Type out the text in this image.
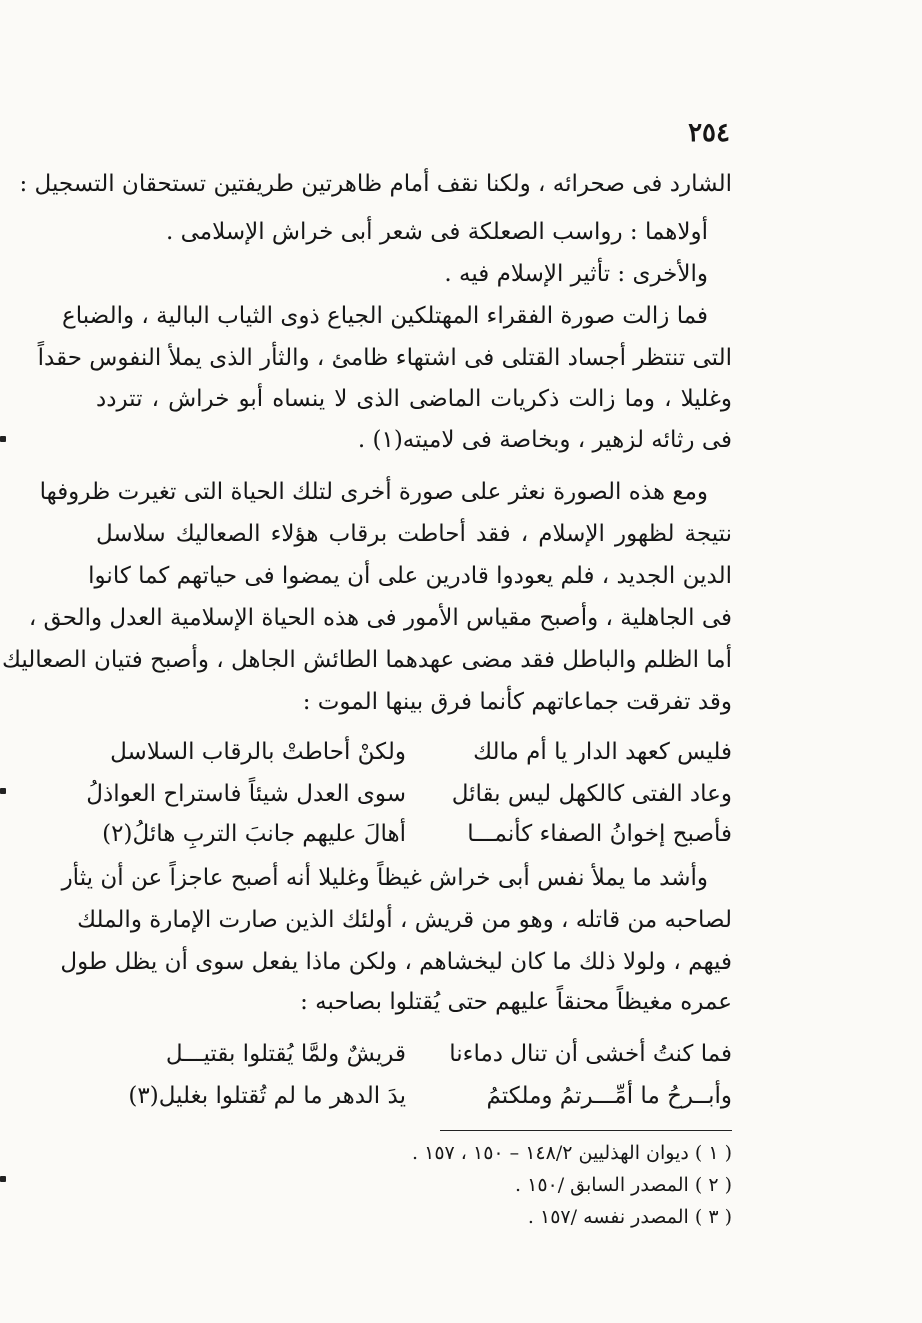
٢٥٤
الشارد فى صحرائه ، ولكنا نقف أمام ظاهرتين طريفتين تستحقان التسجيل :
أولاهما : رواسب الصعلكة فى شعر أبى خراش الإسلامى .
والأخرى : تأثير الإسلام فيه .
فما زالت صورة الفقراء المهتلكين الجياع ذوى الثياب البالية ، والضباع
التى تنتظر أجساد القتلى فى اشتهاء ظامئ ، والثأر الذى يملأ النفوس حقداً
وغليلا ، وما زالت ذكريات الماضى الذى لا ينساه أبو خراش ، تتردد
فى رثائه لزهير ، وبخاصة فى لاميته(١) .
ومع هذه الصورة نعثر على صورة أخرى لتلك الحياة التى تغيرت ظروفها
نتيجة لظهور الإسلام ، فقد أحاطت برقاب هؤلاء الصعاليك سلاسل
الدين الجديد ، فلم يعودوا قادرين على أن يمضوا فى حياتهم كما كانوا
فى الجاهلية ، وأصبح مقياس الأمور فى هذه الحياة الإسلامية العدل والحق ،
أما الظلم والباطل فقد مضى عهدهما الطائش الجاهل ، وأصبح فتيان الصعاليك
وقد تفرقت جماعاتهم كأنما فرق بينها الموت :
فليس كعهد الدار يا أم مالك
ولكنْ أحاطتْ بالرقاب السلاسل
وعاد الفتى كالكهل ليس بقائل
سوى العدل شيئاً فاستراح العواذلُ
فأصبح إخوانُ الصفاء كأنمـــا
أهالَ عليهم جانبَ التربِ هائلُ(٢)
وأشد ما يملأ نفس أبى خراش غيظاً وغليلا أنه أصبح عاجزاً عن أن يثأر
لصاحبه من قاتله ، وهو من قريش ، أولئك الذين صارت الإمارة والملك
فيهم ، ولولا ذلك ما كان ليخشاهم ، ولكن ماذا يفعل سوى أن يظل طول
عمره مغيظاً محنقاً عليهم حتى يُقتلوا بصاحبه :
فما كنتُ أخشى أن تنال دماءنا
قريشٌ ولمَّا يُقتلوا بقتيـــل
وأبــرحُ ما أمِّـــرتمُ وملكتمُ
يدَ الدهر ما لم تُقتلوا بغليل(٣)
( ١ ) ديوان الهذليين ١٤٨/٢ – ١٥٠ ، ١٥٧ .
( ٢ ) المصدر السابق /١٥٠ .
( ٣ ) المصدر نفسه /١٥٧ .
